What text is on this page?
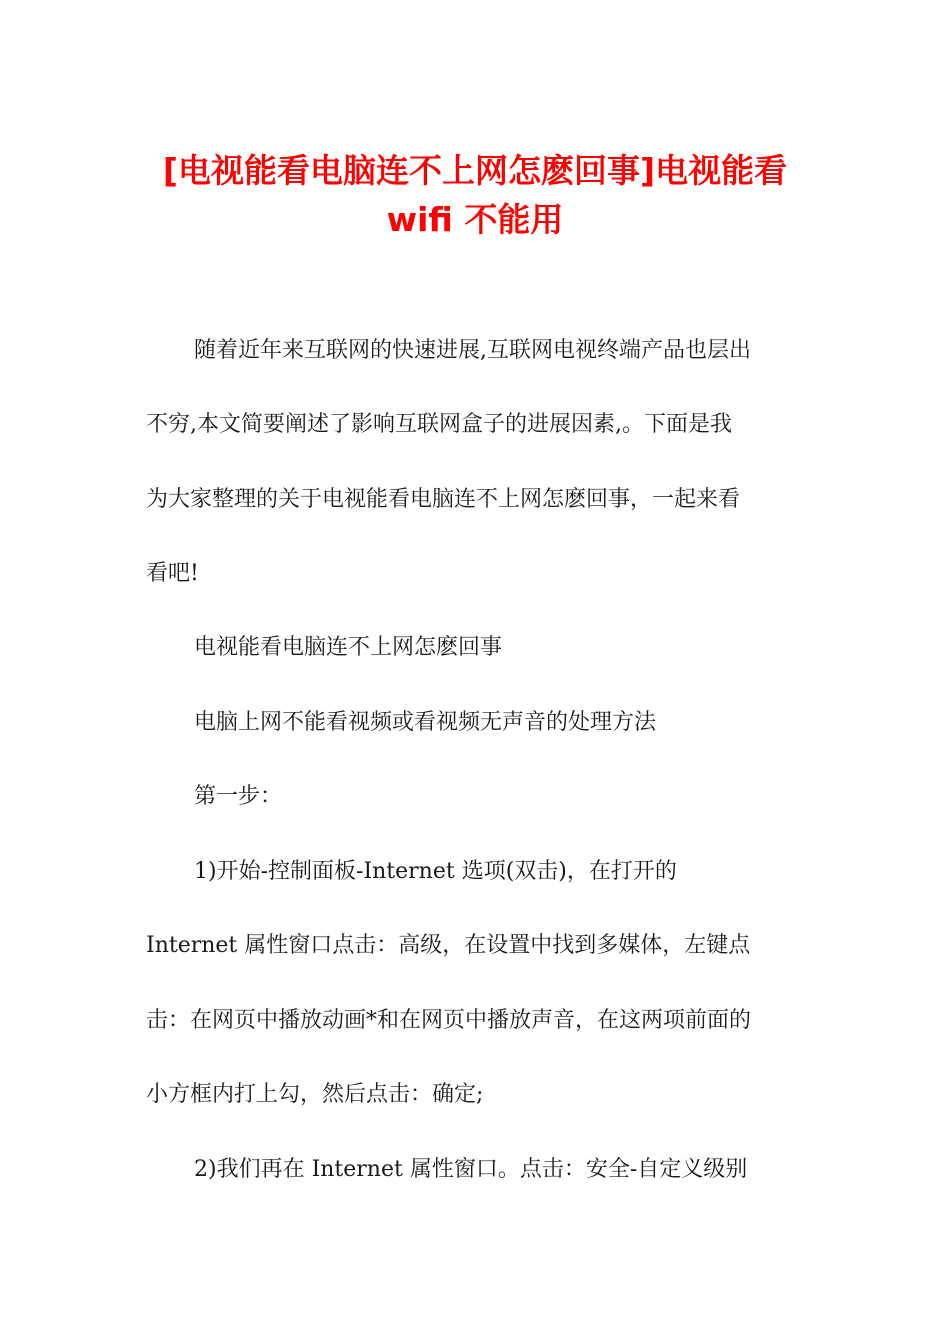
[电视能看电脑连不上网怎麽回事]电视能看
wifi 不能用
随着近年来互联网的快速进展,互联网电视终端产品也层出
不穷,本文简要阐述了影响互联网盒子的进展因素,。下面是我
为大家整理的关于电视能看电脑连不上网怎麽回事，一起来看
看吧!
电视能看电脑连不上网怎麽回事
电脑上网不能看视频或看视频无声音的处理方法
第一步：
1)开始-控制面板-Internet 选项(双击)，在打开的
Internet 属性窗口点击：高级，在设置中找到多媒体，左键点
击：在网页中播放动画*和在网页中播放声音，在这两项前面的
小方框内打上勾，然后点击：确定;
2)我们再在 Internet 属性窗口。点击：安全-自定义级别
